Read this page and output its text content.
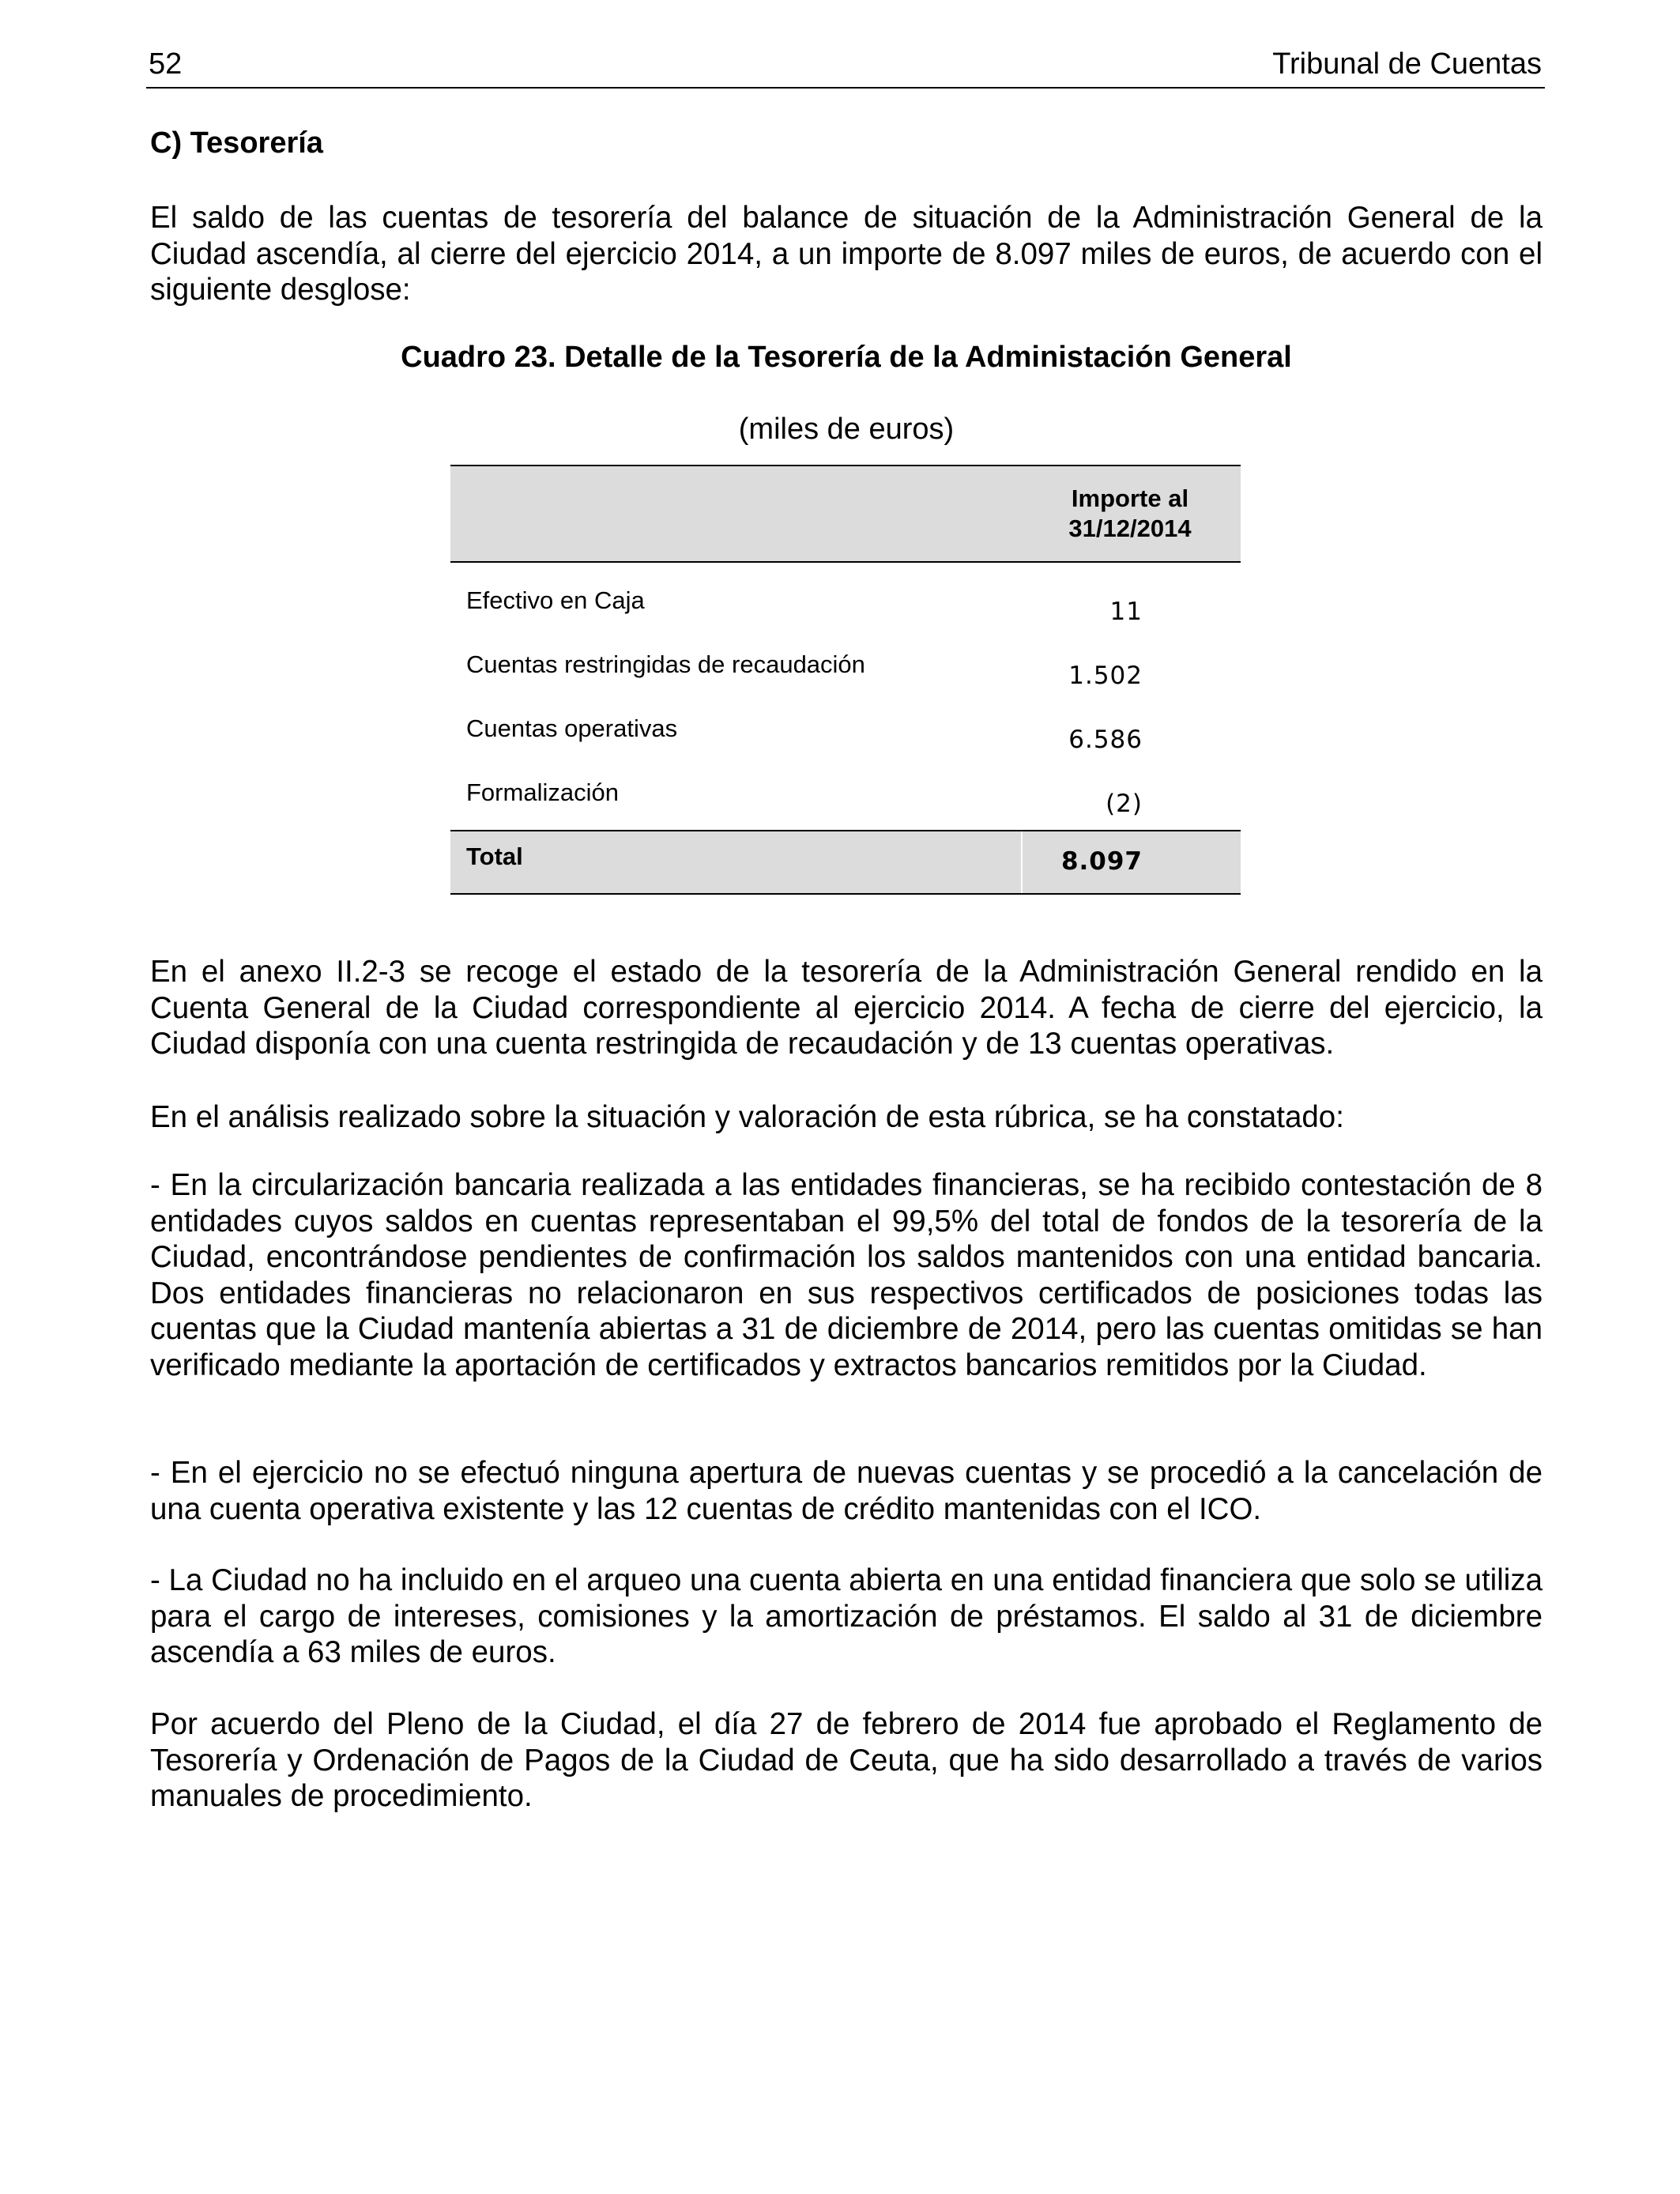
52	Tribunal de Cuentas
C) Tesorería

El saldo de las cuentas de tesorería del balance de situación de la Administración General de la Ciudad ascendía, al cierre del ejercicio 2014, a un importe de 8.097 miles de euros, de acuerdo con el siguiente desglose:

Cuadro 23. Detalle de la Tesorería de la Administación General
(miles de euros)
Importe al
31/12/2014
Efectivo en Caja	11
Cuentas restringidas de recaudación	1.502
Cuentas operativas	6.586
Formalización	(2)
Total	8.097

En el anexo II.2-3 se recoge el estado de la tesorería de la Administración General rendido en la Cuenta General de la Ciudad correspondiente al ejercicio 2014. A fecha de cierre del ejercicio, la Ciudad disponía con una cuenta restringida de recaudación y de 13 cuentas operativas.

En el análisis realizado sobre la situación y valoración de esta rúbrica, se ha constatado:

- En la circularización bancaria realizada a las entidades financieras, se ha recibido contestación de 8 entidades cuyos saldos en cuentas representaban el 99,5% del total de fondos de la tesorería de la Ciudad, encontrándose pendientes de confirmación los saldos mantenidos con una entidad bancaria. Dos entidades financieras no relacionaron en sus respectivos certificados de posiciones todas las cuentas que la Ciudad mantenía abiertas a 31 de diciembre de 2014, pero las cuentas omitidas se han verificado mediante la aportación de certificados y extractos bancarios remitidos por la Ciudad.

- En el ejercicio no se efectuó ninguna apertura de nuevas cuentas y se procedió a la cancelación de una cuenta operativa existente y las 12 cuentas de crédito mantenidas con el ICO.

- La Ciudad no ha incluido en el arqueo una cuenta abierta en una entidad financiera que solo se utiliza para el cargo de intereses, comisiones y la amortización de préstamos. El saldo al 31 de diciembre ascendía a 63 miles de euros.

Por acuerdo del Pleno de la Ciudad, el día 27 de febrero de 2014 fue aprobado el Reglamento de Tesorería y Ordenación de Pagos de la Ciudad de Ceuta, que ha sido desarrollado a través de varios manuales de procedimiento.
